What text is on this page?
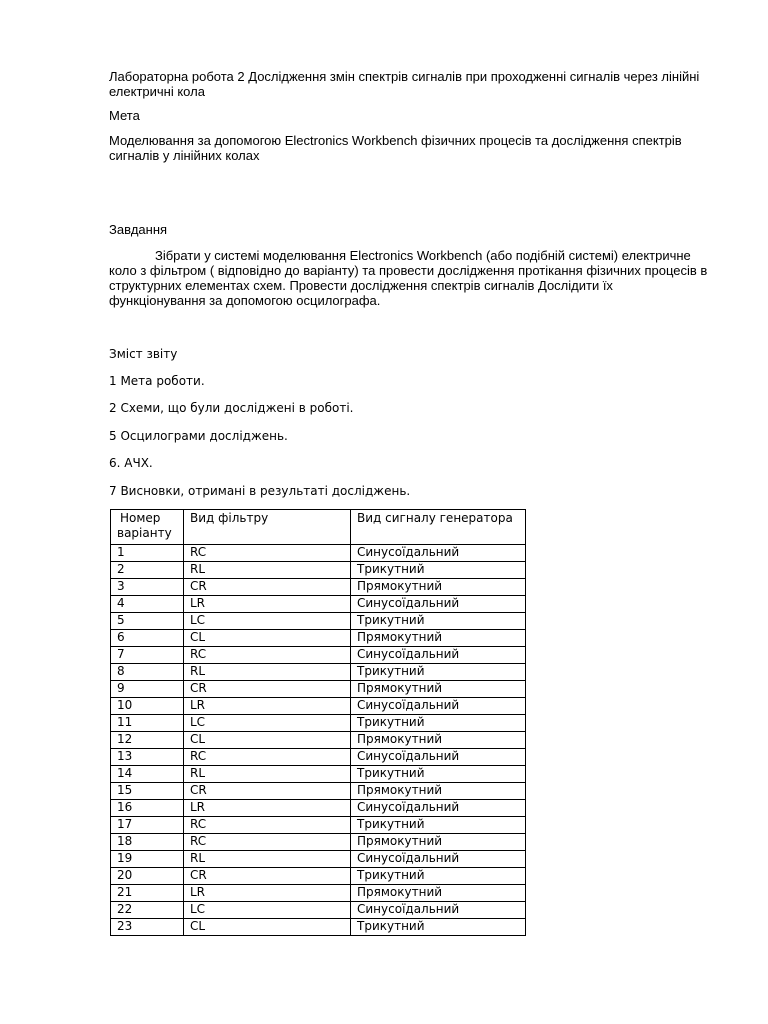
Лабораторна робота 2 Дослідження змін спектрів сигналів при проходженні сигналів через лінійні електричні кола
Мета
Моделювання за допомогою Electronics Workbench фізичних процесів та дослідження спектрів сигналів у лінійних колах
Завдання
Зібрати у системі моделювання Electronics Workbench (або подібній системі) електричне коло з фільтром ( відповідно до варіанту) та провести дослідження протікання фізичних процесів в структурних елементах схем. Провести дослідження спектрів сигналів Дослідити їх функціонування за допомогою осцилографа.
Зміст звіту
1 Мета роботи.
2 Схеми, що були досліджені в роботі.
5 Осцилограми досліджень.
6. АЧХ.
7 Висновки, отримані в результаті досліджень.
Номер варіанту	Вид фільтру	Вид сигналу генератора
1	RC	Синусоїдальний
2	RL	Трикутний
3	CR	Прямокутний
4	LR	Синусоїдальний
5	LC	Трикутний
6	CL	Прямокутний
7	RC	Синусоїдальний
8	RL	Трикутний
9	CR	Прямокутний
10	LR	Синусоїдальний
11	LC	Трикутний
12	CL	Прямокутний
13	RC	Синусоїдальний
14	RL	Трикутний
15	CR	Прямокутний
16	LR	Синусоїдальний
17	RC	Трикутний
18	RC	Прямокутний
19	RL	Синусоїдальний
20	CR	Трикутний
21	LR	Прямокутний
22	LC	Синусоїдальний
23	CL	Трикутний
